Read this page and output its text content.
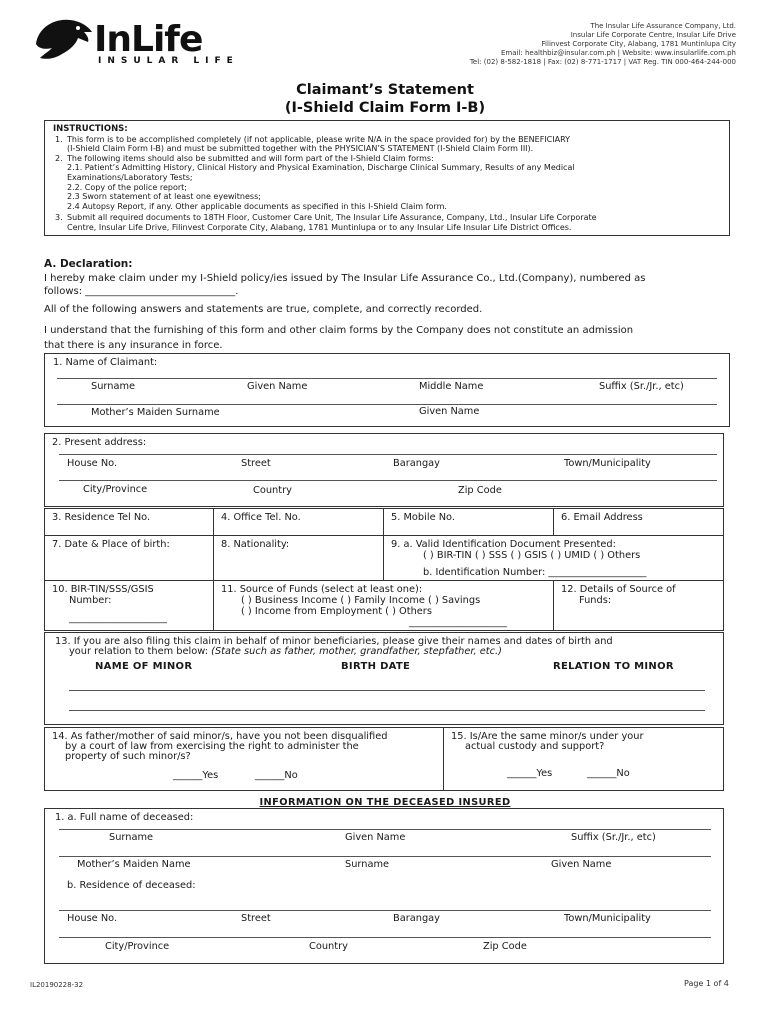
InLife
INSULAR LIFE
The Insular Life Assurance Company, Ltd.
Insular Life Corporate Centre, Insular Life Drive
Filinvest Corporate City, Alabang, 1781 Muntinlupa City
Email: healthbiz@insular.com.ph | Website: www.insularlife.com.ph
Tel: (02) 8-582-1818 | Fax: (02) 8-771-1717 | VAT Reg. TIN 000-464-244-000
Claimant’s Statement
(I-Shield Claim Form I-B)
INSTRUCTIONS:
1. This form is to be accomplished completely (if not applicable, please write N/A in the space provided for) by the BENEFICIARY
(I-Shield Claim Form I-B) and must be submitted together with the PHYSICIAN’S STATEMENT (I-Shield Claim Form III).
2. The following items should also be submitted and will form part of the I-Shield Claim forms:
2.1. Patient’s Admitting History, Clinical History and Physical Examination, Discharge Clinical Summary, Results of any Medical
Examinations/Laboratory Tests;
2.2. Copy of the police report;
2.3 Sworn statement of at least one eyewitness;
2.4 Autopsy Report, if any. Other applicable documents as specified in this I-Shield Claim form.
3. Submit all required documents to 18TH Floor, Customer Care Unit, The Insular Life Assurance, Company, Ltd., Insular Life Corporate
Centre, Insular Life Drive, Filinvest Corporate City, Alabang, 1781 Muntinlupa or to any Insular Life Insular Life District Offices.
A. Declaration:
I hereby make claim under my I-Shield policy/ies issued by The Insular Life Assurance Co., Ltd.(Company), numbered as
follows: ______________________________.
All of the following answers and statements are true, complete, and correctly recorded.
I understand that the furnishing of this form and other claim forms by the Company does not constitute an admission
that there is any insurance in force.
1. Name of Claimant:
Surname	Given Name	Middle Name	Suffix (Sr./Jr., etc)
Mother’s Maiden Surname	Given Name
2. Present address:
House No.	Street	Barangay	Town/Municipality
City/Province	Country	Zip Code
3. Residence Tel No.	4. Office Tel. No.	5. Mobile No.	6. Email Address
7. Date & Place of birth:	8. Nationality:	9. a. Valid Identification Document Presented:
( ) BIR-TIN ( ) SSS ( ) GSIS ( ) UMID ( ) Others
b. Identification Number: ____________________
10. BIR-TIN/SSS/GSIS
Number:
____________________
11. Source of Funds (select at least one):
( ) Business Income ( ) Family Income ( ) Savings
( ) Income from Employment ( ) Others
____________________
12. Details of Source of
Funds:
13. If you are also filing this claim in behalf of minor beneficiaries, please give their names and dates of birth and
your relation to them below: (State such as father, mother, grandfather, stepfather, etc.)
NAME OF MINOR	BIRTH DATE	RELATION TO MINOR
14. As father/mother of said minor/s, have you not been disqualified
by a court of law from exercising the right to administer the
property of such minor/s?
______Yes	______No
15. Is/Are the same minor/s under your
actual custody and support?
______Yes	______No
INFORMATION ON THE DECEASED INSURED
1. a. Full name of deceased:
Surname	Given Name	Suffix (Sr./Jr., etc)
Mother’s Maiden Name	Surname	Given Name
b. Residence of deceased:
House No.	Street	Barangay	Town/Municipality
City/Province	Country	Zip Code
IL20190228-32	Page 1 of 4
